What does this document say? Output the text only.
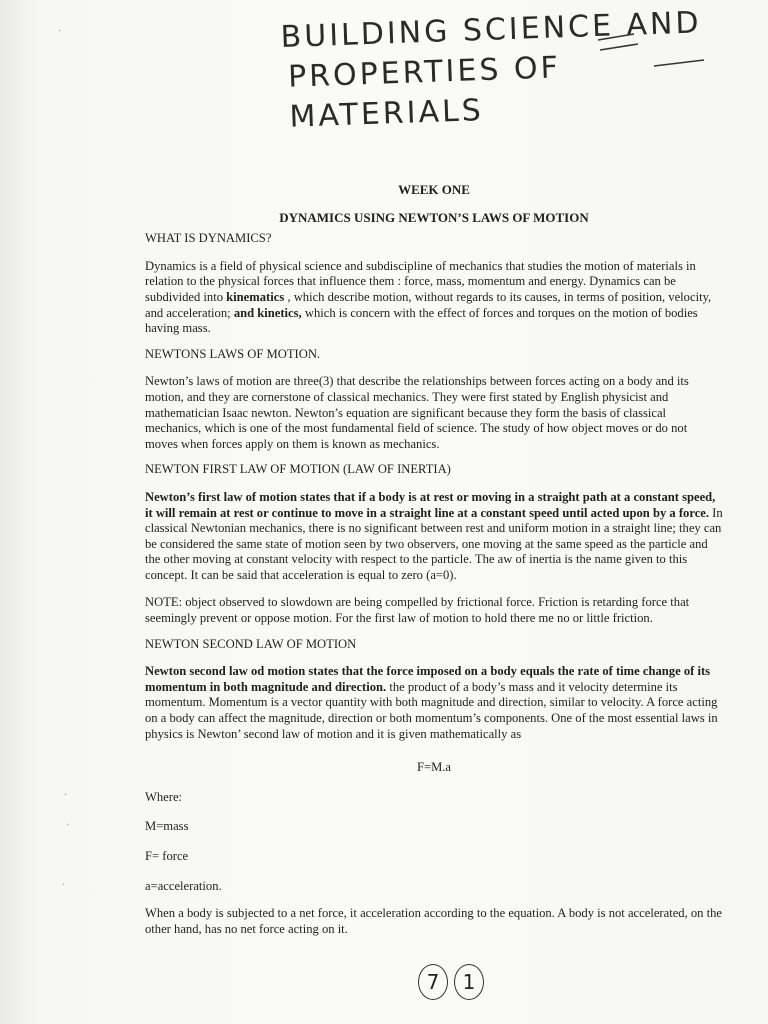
BUILDING SCIENCE AND
PROPERTIES OF MATERIALS
·
·
·
·
WEEK ONE
DYNAMICS USING NEWTON’S LAWS OF MOTION
WHAT IS DYNAMICS?
Dynamics is a field of physical science and subdiscipline of mechanics that studies the motion of materials in relation to the physical forces that influence them : force, mass, momentum and energy. Dynamics can be subdivided into kinematics , which describe motion, without regards to its causes, in terms of position, velocity, and acceleration; and kinetics, which is concern with the effect of forces and torques on the motion of bodies having mass.
NEWTONS LAWS OF MOTION.
Newton’s laws of motion are three(3) that describe the relationships between forces acting on a body and its motion, and they are cornerstone of classical mechanics. They were first stated by English physicist and mathematician Isaac newton. Newton’s equation are significant because they form the basis of classical mechanics, which is one of the most fundamental field of science. The study of how object moves or do not moves when forces apply on them is known as mechanics.
NEWTON FIRST LAW OF MOTION (LAW OF INERTIA)
Newton’s first law of motion states that if a body is at rest or moving in a straight path at a constant speed, it will remain at rest or continue to move in a straight line at a constant speed until acted upon by a force. In classical Newtonian mechanics, there is no significant between rest and uniform motion in a straight line; they can be considered the same state of motion seen by two observers, one moving at the same speed as the particle and the other moving at constant velocity with respect to the particle. The aw of inertia is the name given to this concept. It can be said that acceleration is equal to zero (a=0).
NOTE: object observed to slowdown are being compelled by frictional force. Friction is retarding force that seemingly prevent or oppose motion. For the first law of motion to hold there me no or little friction.
NEWTON SECOND LAW OF MOTION
Newton second law od motion states that the force imposed on a body equals the rate of time change of its momentum in both magnitude and direction. the product of a body’s mass and it velocity determine its momentum. Momentum is a vector quantity with both magnitude and direction, similar to velocity. A force acting on a body can affect the magnitude, direction or both momentum’s components. One of the most essential laws in physics is Newton’ second law of motion and it is given mathematically as
F=M.a
Where:
M=mass
F= force
a=acceleration.
When a body is subjected to a net force, it acceleration according to the equation. A body is not accelerated, on the other hand, has no net force acting on it.
7 1
